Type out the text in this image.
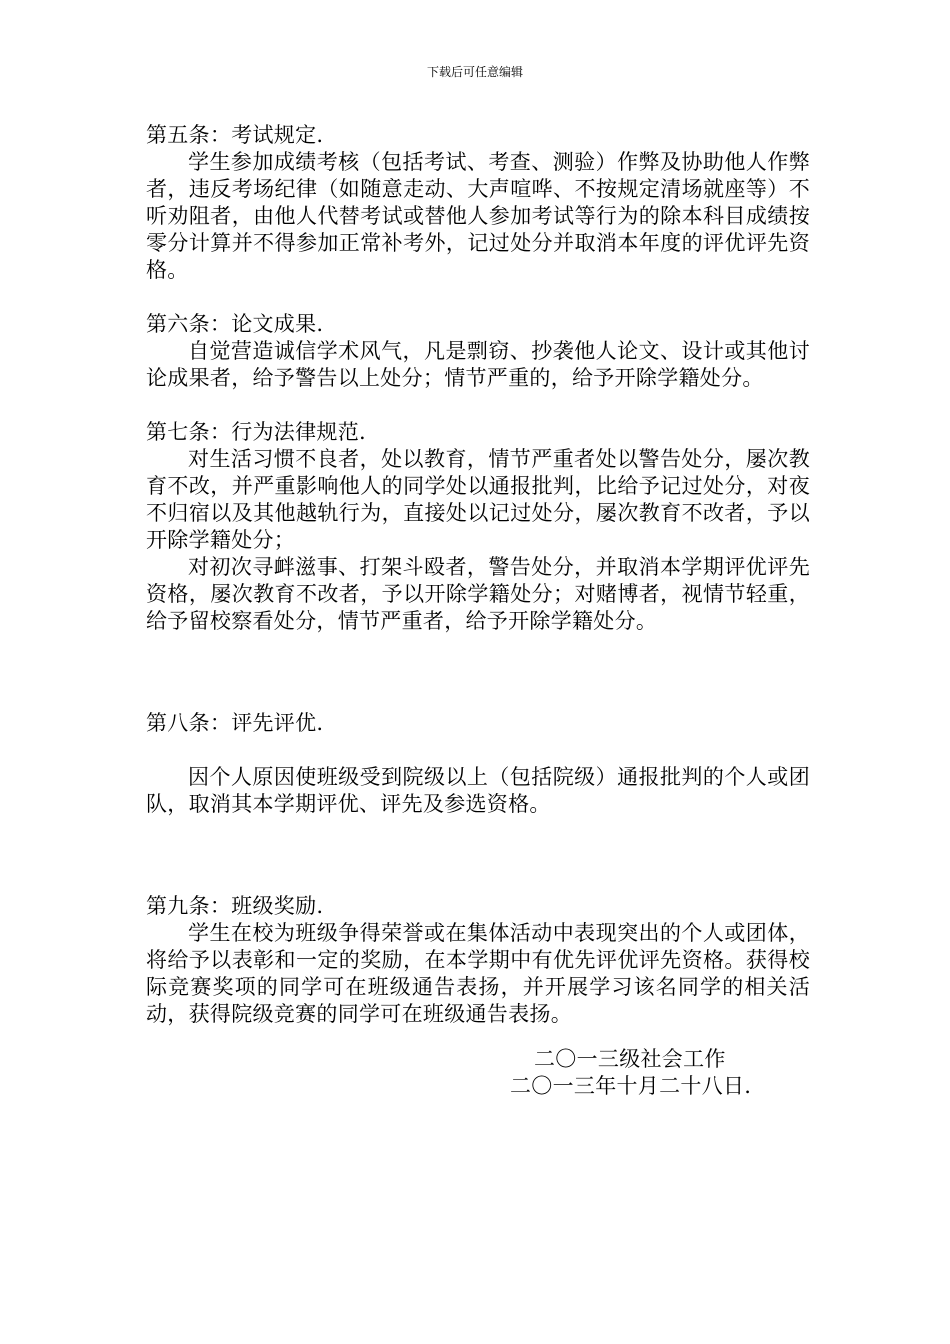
下载后可任意编辑

第五条：考试规定.

学生参加成绩考核（包括考试、考查、测验）作弊及协助他人作弊者，违反考场纪律（如随意走动、大声喧哗、不按规定清场就座等）不听劝阻者，由他人代替考试或替他人参加考试等行为的除本科目成绩按零分计算并不得参加正常补考外，记过处分并取消本年度的评优评先资格。

第六条：论文成果.

自觉营造诚信学术风气，凡是剽窃、抄袭他人论文、设计或其他讨论成果者，给予警告以上处分；情节严重的，给予开除学籍处分。

第七条：行为法律规范.

对生活习惯不良者，处以教育，情节严重者处以警告处分，屡次教育不改，并严重影响他人的同学处以通报批判，比给予记过处分，对夜不归宿以及其他越轨行为，直接处以记过处分，屡次教育不改者，予以开除学籍处分；

对初次寻衅滋事、打架斗殴者，警告处分，并取消本学期评优评先资格，屡次教育不改者，予以开除学籍处分；对赌博者，视情节轻重，给予留校察看处分，情节严重者，给予开除学籍处分。

第八条：评先评优.

因个人原因使班级受到院级以上（包括院级）通报批判的个人或团队，取消其本学期评优、评先及参选资格。

第九条：班级奖励.

学生在校为班级争得荣誉或在集体活动中表现突出的个人或团体，将给予以表彰和一定的奖励，在本学期中有优先评优评先资格。获得校际竞赛奖项的同学可在班级通告表扬，并开展学习该名同学的相关活动，获得院级竞赛的同学可在班级通告表扬。

二〇一三级社会工作

二〇一三年十月二十八日.
